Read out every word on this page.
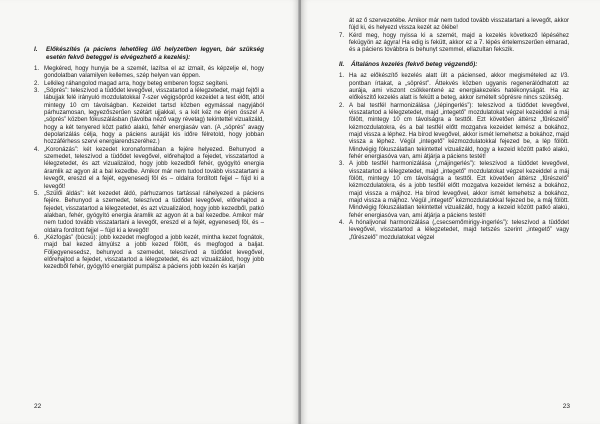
I.	Előkészítés (a páciens lehetőleg ülő helyzetben legyen, bár szükség esetén fekvő beteggel is elvégezhető a kezelés):
1. Megkéred, hogy hunyja be a szemét, lazítsa el az izmait, és képzelje el, hogy gondolatban valamilyen kellemes, szép helyen van éppen.
2. Lelkileg ráhangolod magad arra, hogy beteg emberen fogsz segíteni.
3. „Söprés”: teleszívod a tüdődet levegővel, visszatartod a lélegzetedet, majd fejtől a lábujjak felé irányuló mozdulatokkal 7-szer végigsöpröd kezeidet a test előtt, attól mintegy 10 cm távolságban. Kezeidet tartsd közben egymással nagyjából párhuzamosan, legyezőszerűen szétárt ujjakkal, s a két kéz ne érjen össze! A „söprés” közben fókuszálásban (távolba néző vagy révetag) tekintettel vizualizáld, hogy a két tenyered közt patkó alakú, fehér energiasáv van. (A „söprés” avagy depolarizálás célja, hogy a páciens auráját kis időre félretold, hogy jobban hozzáférhess szervi energiarendszeréhez.)
4. „Koronázás”: két kezedet koronaformában a fejére helyezed. Behunyod a szemedet, teleszívod a tüdődet levegővel, előrehajtod a fejedet, visszatartod a lélegzetedet, és azt vizualizálod, hogy jobb kezedből fehér, gyógyító energia áramlik az agyon át a bal kezedbe. Amikor már nem tudod tovább visszatartani a levegőt, ereszd el a fejét, egyenesedj föl és – oldalra fordított fejjel – fújd ki a levegőt!
5. „Szülői áldás”: két kezedet áldó, párhuzamos tartással ráhelyezed a páciens fejére. Behunyod a szemedet, teleszívod a tüdődet levegővel, előrehajtod a fejedet, visszatartod a lélegzetedet, és azt vizualizálod, hogy jobb kezedből, patkó alakban, fehér, gyógyító energia áramlik az agyon át a bal kezedbe. Amikor már nem tudod tovább visszatartani a levegőt, ereszd el a fejét, egyenesedj föl, és – oldalra fordított fejjel – fújd ki a levegőt!
6. „Kézfogás” (búcsú): jobb kezedet megfogod a jobb kezét, mintha kezet fognátok, majd bal kezed átnyúlsz a jobb kezed fölött, és megfogod a baljat. Följegyenesedsz, behunyod a szemedet, teleszívod a tüdődet levegővel, előrehajtod a fejedet, visszatartod a lélegzetedet, és azt vizualizálod, hogy jobb kezedből fehér, gyógyító energiát pumpálsz a páciens jobb kezén és karján
22

át az ő szervezetébe. Amikor már nem tudod tovább visszatartani a levegőt, akkor fújd ki, és helyezd vissza kezét az ölébe!

7. Kérd meg, hogy nyissa ki a szemét, majd a kezelés következő lépéséhez fekügyön az ágyra! Ha edig is fekütt, akkor ez a 7. lépés értelemszerűen elmarad, és a páciens továbbra is behunyt szemmel, ellazultan fekszik.
II.	Általános kezelés (fekvő beteg végzendő):
1. Ha az előkészítő kezelés alatt ült a páciensed, akkor megismételed az I/3. pontban írtakat, a „söprést”. Áttekvés közben ugyanis regenerálódhatott az aurája, ami viszont csökkentené az energiakezelés hatékonyságát. Ha az előkészítő kezelés alatt is fekütt a beteg, akkor ismételt söprésre nincs szükség.
2. A bal testfél harmonizálása („lépingerlés”): teleszívod a tüdődet levegővel, visszatartod a lélegzetedet, majd „integető” mozdulatokat végzel kezeiddel a máj fölött, mintegy 10 cm távolságra a testtől. Ezt követően áttérsz „fűrészelő” kézmozdulatokra, és a bal testfél előtt mozgatva kezeidet lemész a bokához, majd vissza a léphez. Ha bírod levegővel, akkor ismét lemehetsz a bokához, majd vissza a léphez. Végül „integető” kézmozdulatokkal fejezed be, a lép fölött. Mindvégig fókuszálatlan tekintettel vizualizáld, hogy a kezeid között patkó alakú, fehér energiasóva van, ami átjárja a páciens testét!
3. A jobb testfél harmonizálása („májingerlés”): teleszívod a tüdődet levegővel, visszatartod a lélegzetedet, majd „integető” mozdulatokat végzel kezeiddel a máj fölött, mintegy 10 cm távolságra a testtől. Ezt követően áttérsz „fűrészelő” kézmozdulatokra, és a jobb testfél előtt mozgatva kezeidet lemész a bokához, majd vissza a májhoz. Ha bírod levegővel, akkor ismét lemehetsz a bokához, majd vissza a májhoz. Végül „integető” kézmozdulatokkal fejezed be, a máj fölött. Mindvégig fókuszálatlan tekintettel vizualizáld, hogy a kezeid között patkó alakú, fehér energiasóva van, ami átjárja a páciens testét!
4. A hónaljvonal harmonizálása („csecsemőmirigy-ingerlés”): teleszívod a tüdődet levegővel, visszatartod a lélegzetedet, majd tetszés szerint „integető” vagy „fűrészelő” mozdulatokat végzel
23
